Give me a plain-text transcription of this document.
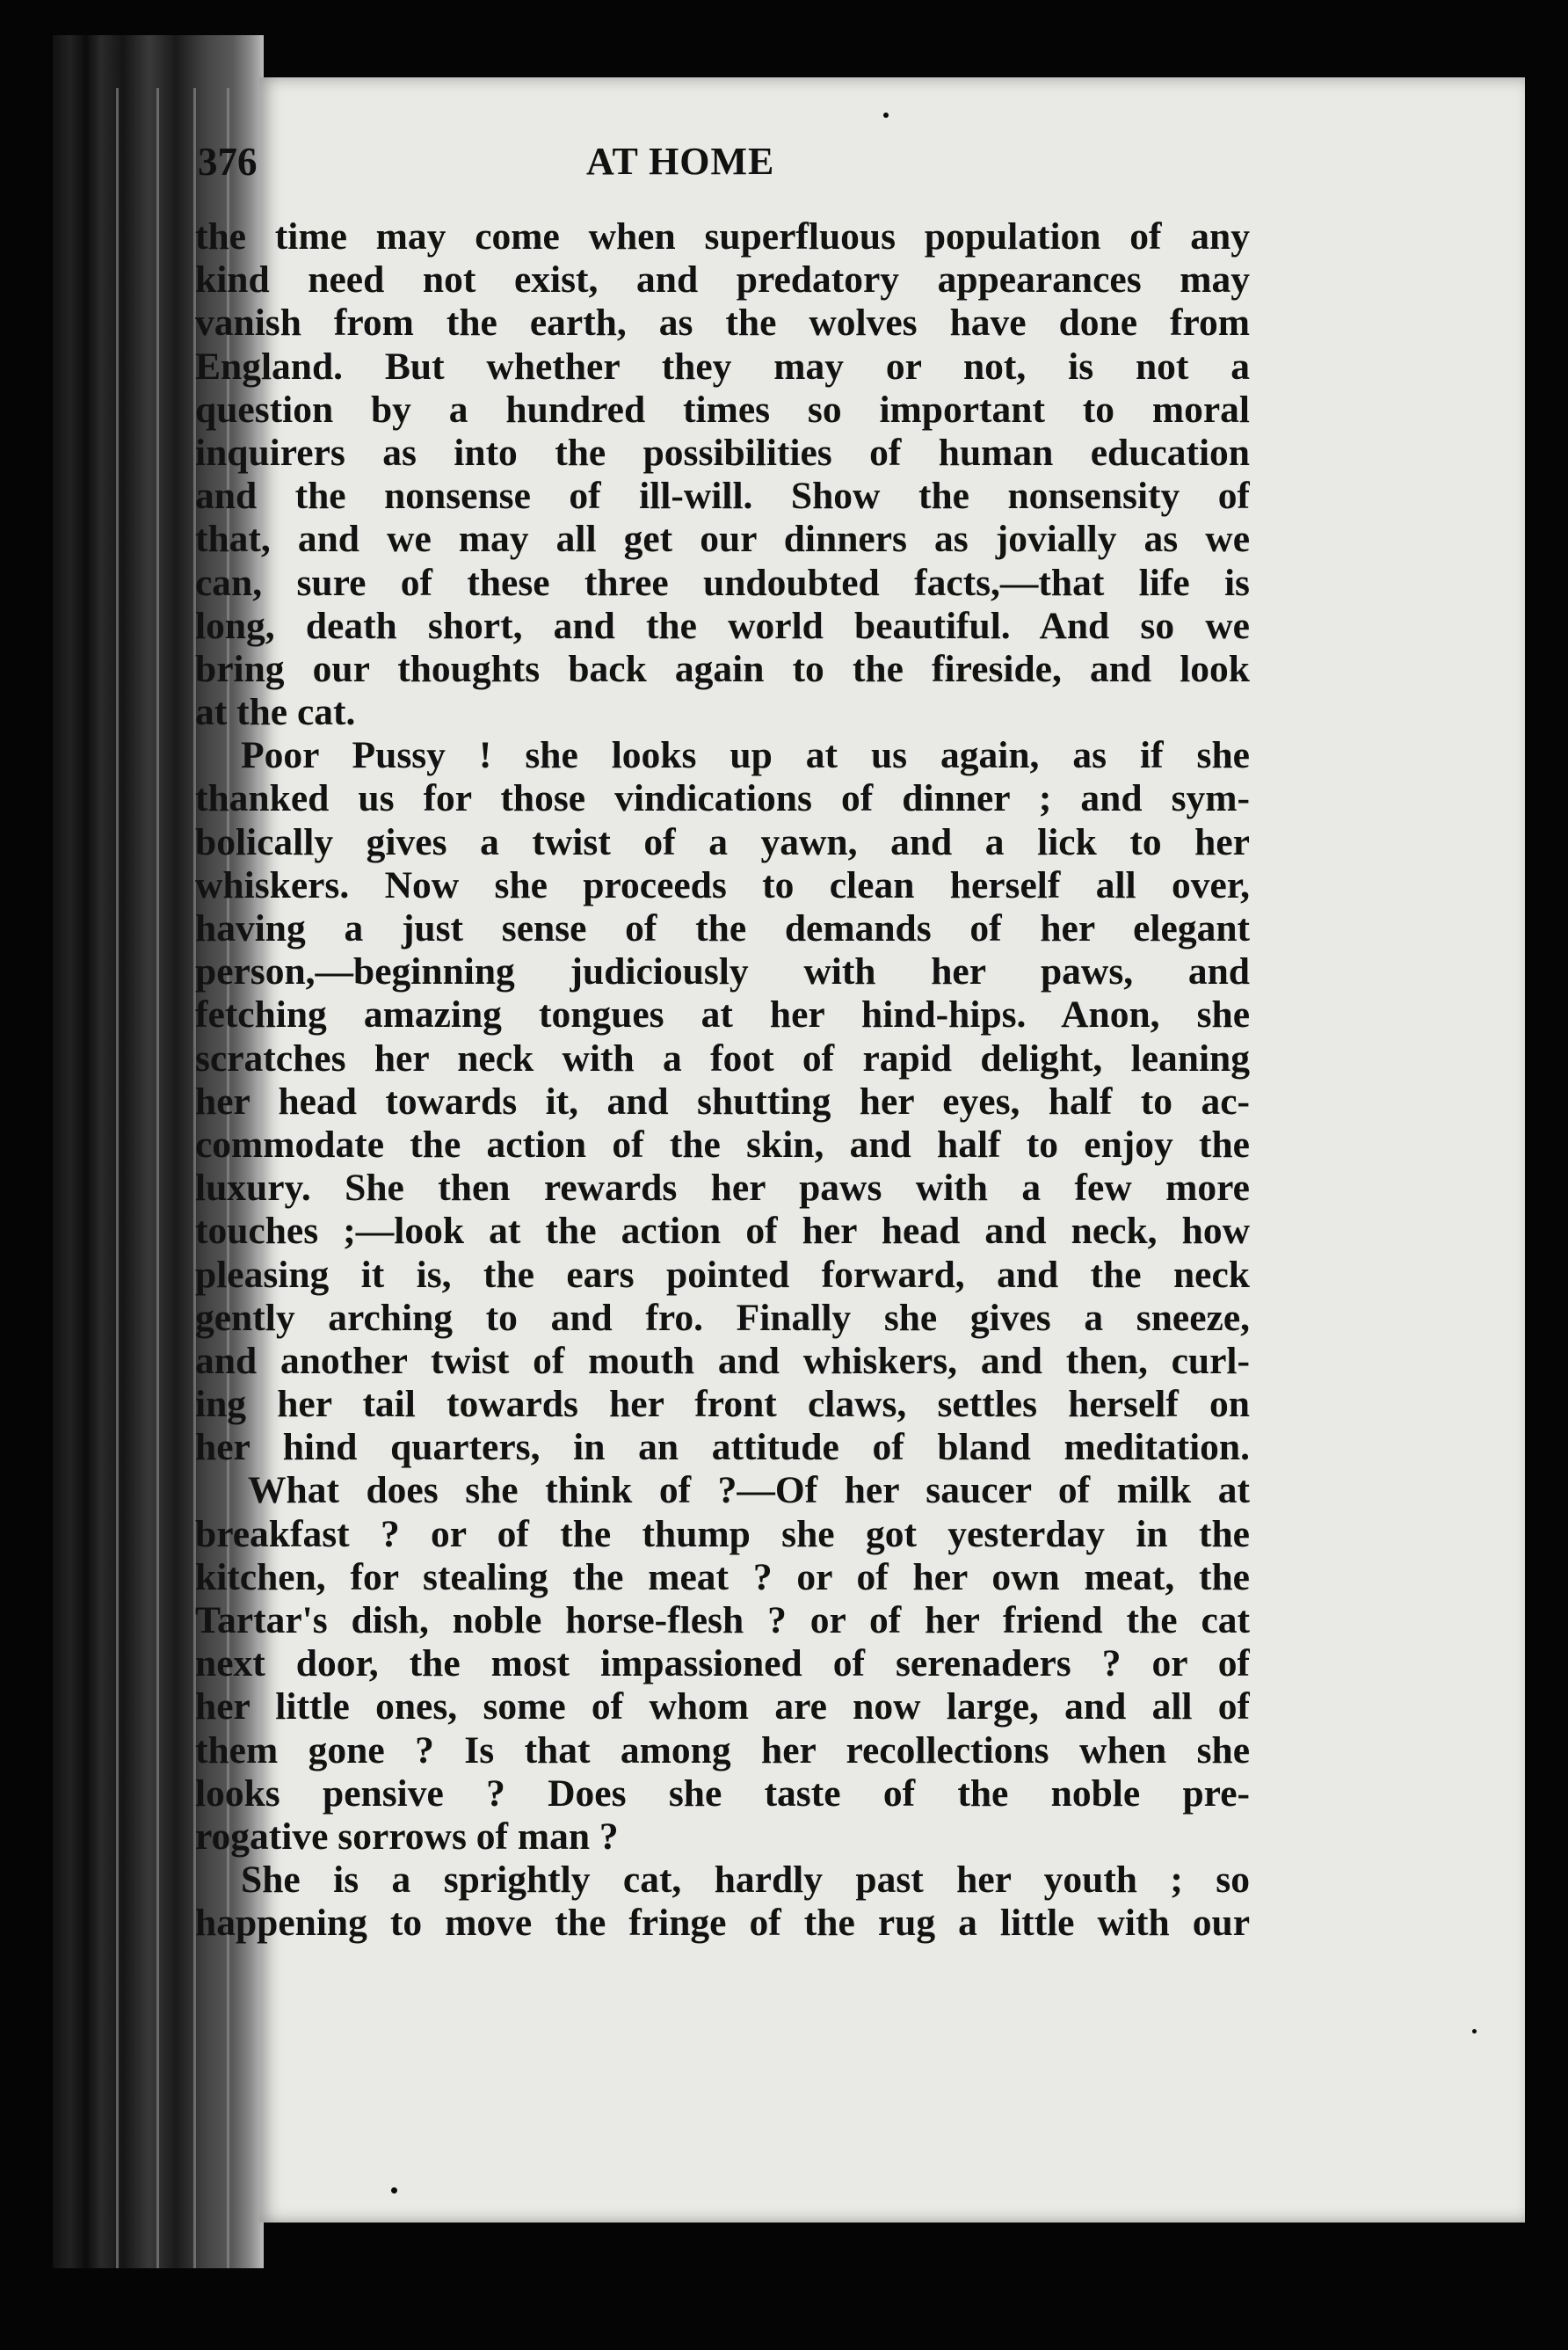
376	AT HOME
the time may come when superfluous population of any
kind need not exist, and predatory appearances may
vanish from the earth, as the wolves have done from
England. But whether they may or not, is not a
question by a hundred times so important to moral
inquirers as into the possibilities of human education
and the nonsense of ill-will. Show the nonsensity of
that, and we may all get our dinners as jovially as we
can, sure of these three undoubted facts,—that life is
long, death short, and the world beautiful. And so we
bring our thoughts back again to the fireside, and look
at the cat.
Poor Pussy ! she looks up at us again, as if she
thanked us for those vindications of dinner ; and sym-
bolically gives a twist of a yawn, and a lick to her
whiskers. Now she proceeds to clean herself all over,
having a just sense of the demands of her elegant
person,—beginning judiciously with her paws, and
fetching amazing tongues at her hind-hips. Anon, she
scratches her neck with a foot of rapid delight, leaning
her head towards it, and shutting her eyes, half to ac-
commodate the action of the skin, and half to enjoy the
luxury. She then rewards her paws with a few more
touches ;—look at the action of her head and neck, how
pleasing it is, the ears pointed forward, and the neck
gently arching to and fro. Finally she gives a sneeze,
and another twist of mouth and whiskers, and then, curl-
ing her tail towards her front claws, settles herself on
her hind quarters, in an attitude of bland meditation.
What does she think of ?—Of her saucer of milk at
breakfast ? or of the thump she got yesterday in the
kitchen, for stealing the meat ? or of her own meat, the
Tartar's dish, noble horse-flesh ? or of her friend the cat
next door, the most impassioned of serenaders ? or of
her little ones, some of whom are now large, and all of
them gone ? Is that among her recollections when she
looks pensive ? Does she taste of the noble pre-
rogative sorrows of man ?
She is a sprightly cat, hardly past her youth ; so
happening to move the fringe of the rug a little with our
